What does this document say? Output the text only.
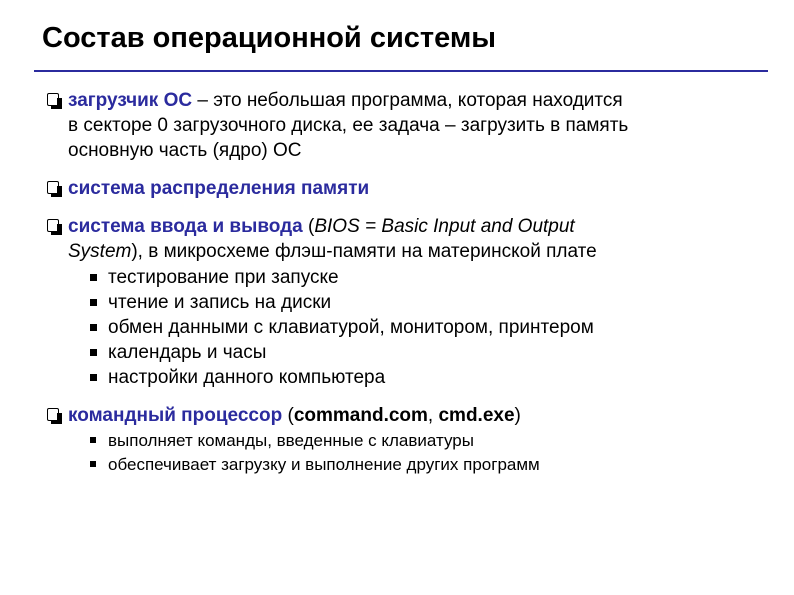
Состав операционной системы
загрузчик ОС – это небольшая программа, которая находится
в секторе 0 загрузочного диска, ее задача – загрузить в память
основную часть (ядро) ОС
система распределения памяти
система ввода и вывода (BIOS = Basic Input and Output
System), в микросхеме флэш-памяти на материнской плате
тестирование при запуске
чтение и запись на диски
обмен данными с клавиатурой, монитором, принтером
календарь и часы
настройки данного компьютера
командный процессор (command.com, cmd.exe)
выполняет команды, введенные с клавиатуры
обеспечивает загрузку и выполнение других программ
